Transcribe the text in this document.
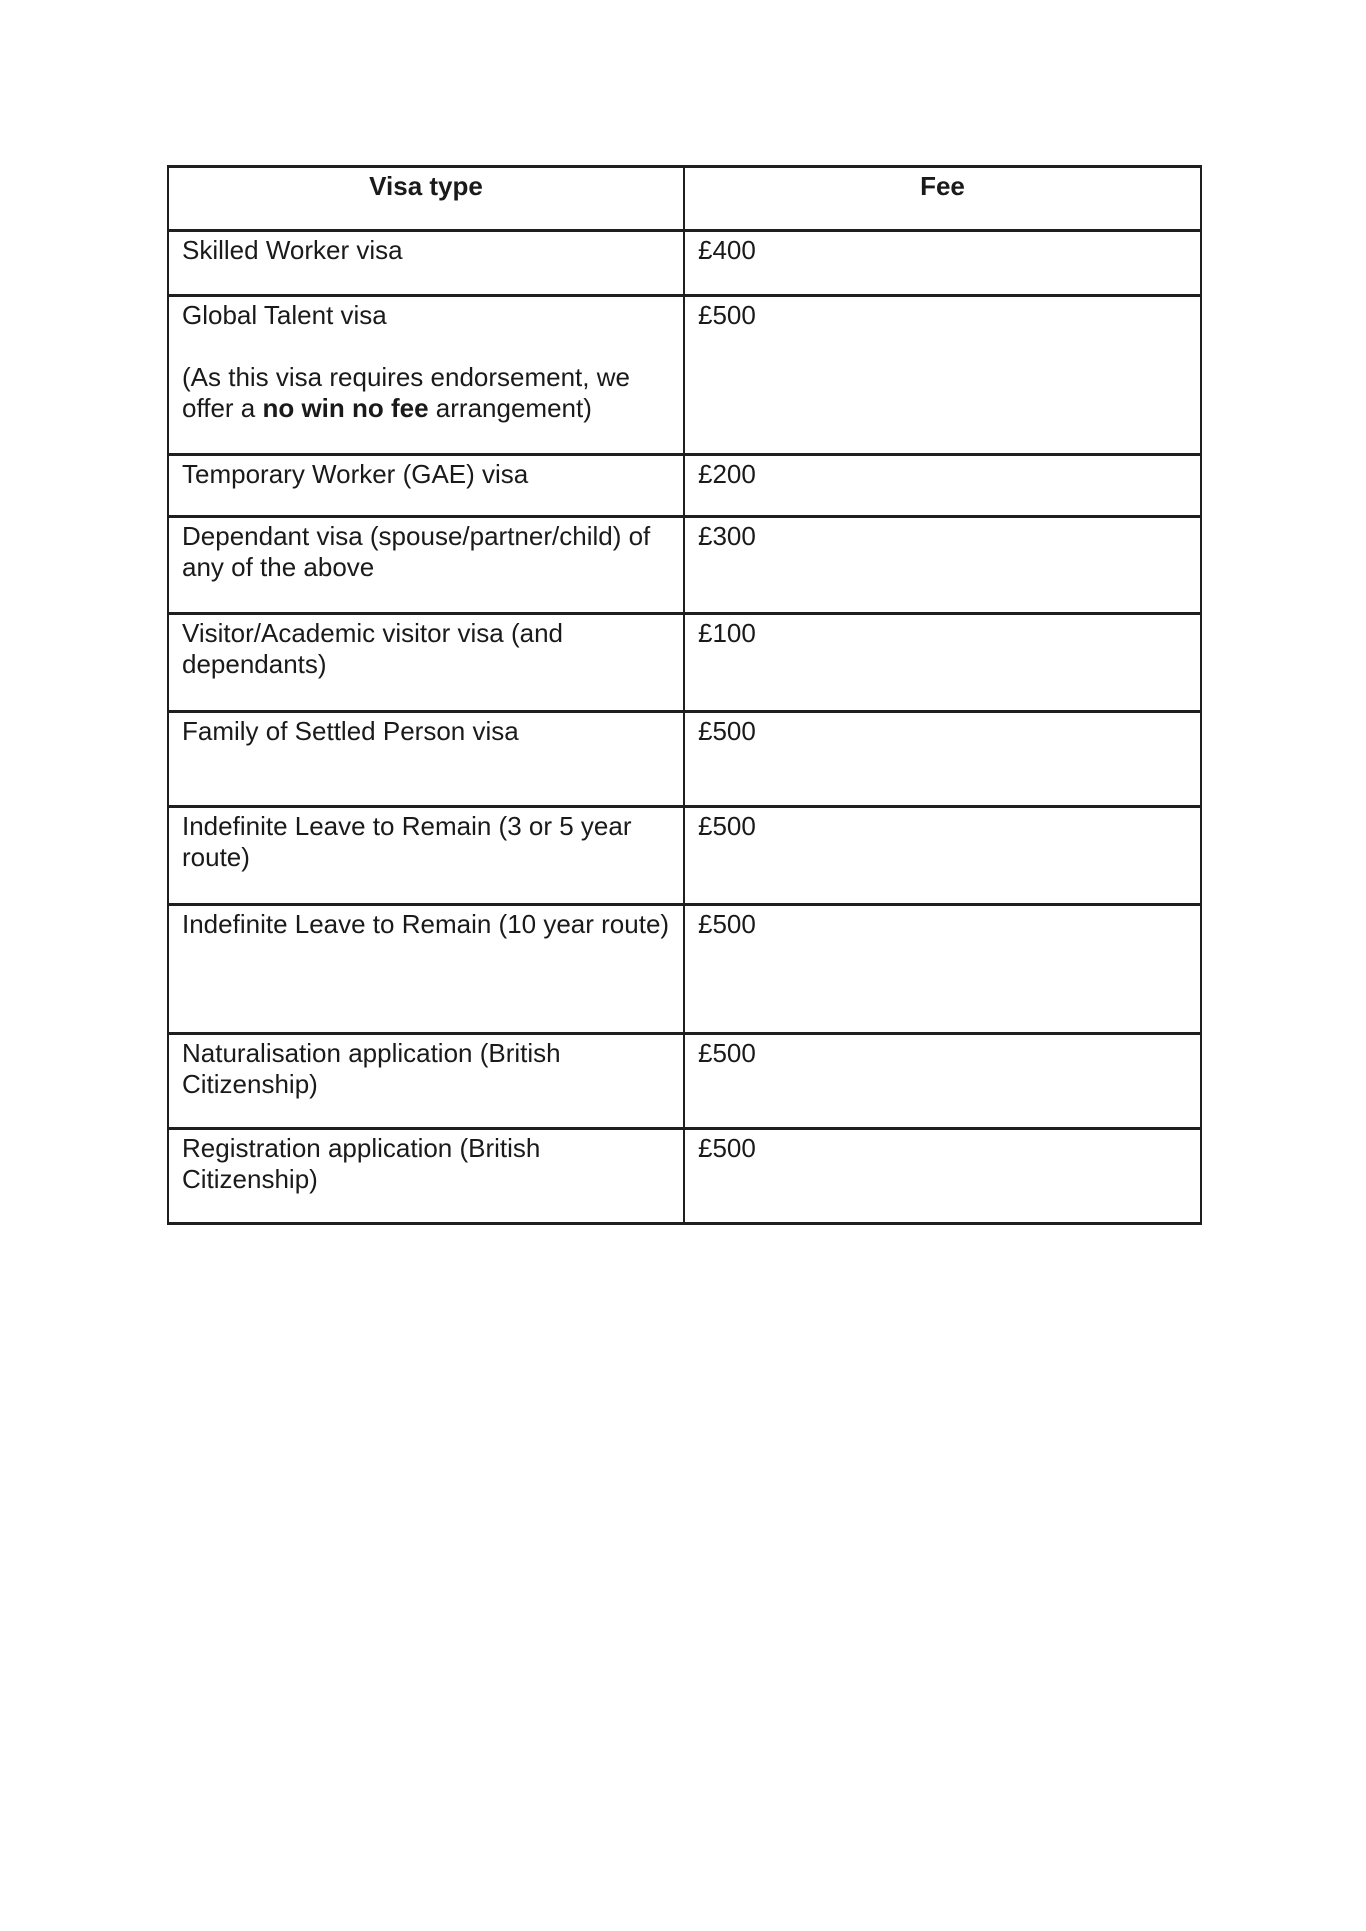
Visa type	Fee
Skilled Worker visa	£400

Global Talent visa
(As this visa requires endorsement, we offer a no win no fee arrangement)	£500
Temporary Worker (GAE) visa	£200
Dependant visa (spouse/partner/child) of any of the above	£300
Visitor/Academic visitor visa (and dependants)	£100
Family of Settled Person visa	£500
Indefinite Leave to Remain (3 or 5 year route)	£500
Indefinite Leave to Remain (10 year route)	£500
Naturalisation application (British Citizenship)	£500
Registration application (British Citizenship)	£500
